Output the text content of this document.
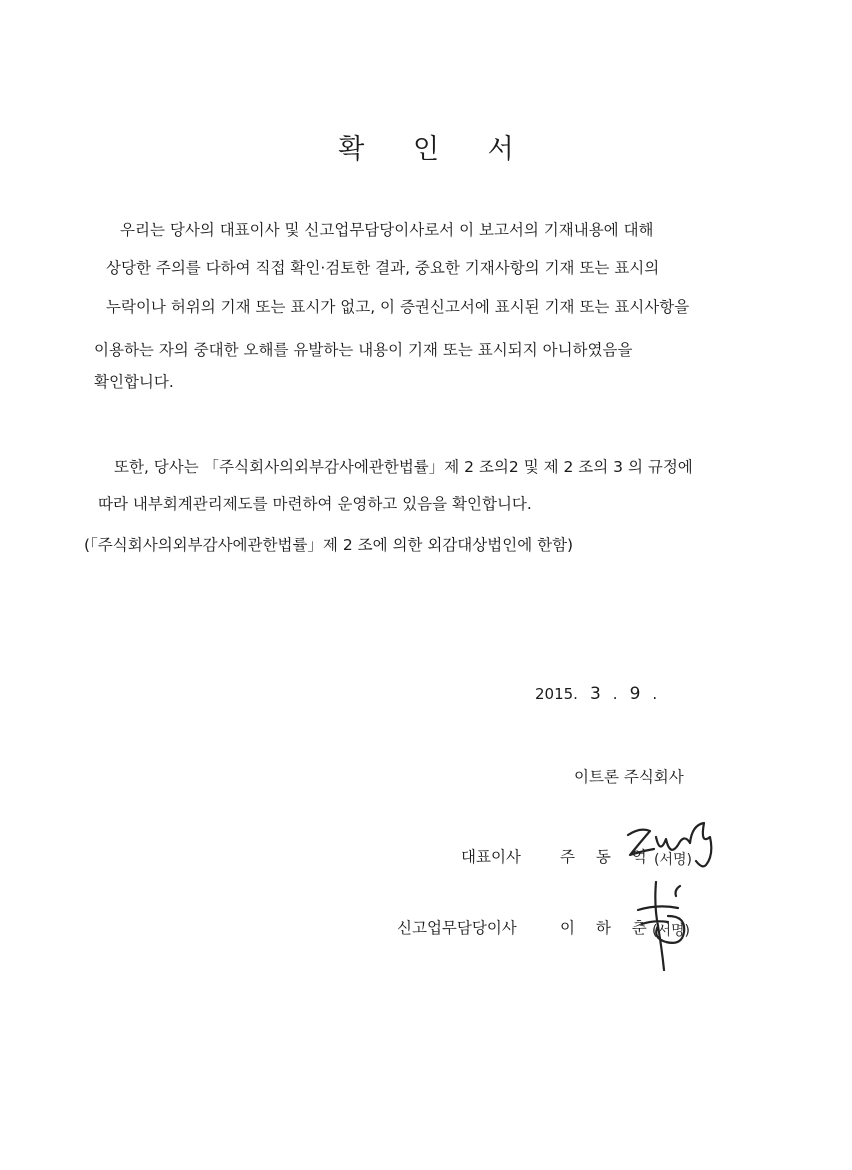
확 인 서
우리는 당사의 대표이사 및 신고업무담당이사로서 이 보고서의 기재내용에 대해
상당한 주의를 다하여 직접 확인·검토한 결과, 중요한 기재사항의 기재 또는 표시의
누락이나 허위의 기재 또는 표시가 없고, 이 증권신고서에 표시된 기재 또는 표시사항을
이용하는 자의 중대한 오해를 유발하는 내용이 기재 또는 표시되지 아니하였음을
확인합니다.
또한, 당사는 「주식회사의외부감사에관한법률」제 2 조의2 및 제 2 조의 3 의 규정에
따라 내부회계관리제도를 마련하여 운영하고 있음을 확인합니다.
(「주식회사의외부감사에관한법률」제 2 조에 의한 외감대상법인에 한함)
2015. 3 . 9 .
이트론 주식회사
대표이사	주 동 억 (서명)
신고업무담당이사	이 하 춘
(서명)
